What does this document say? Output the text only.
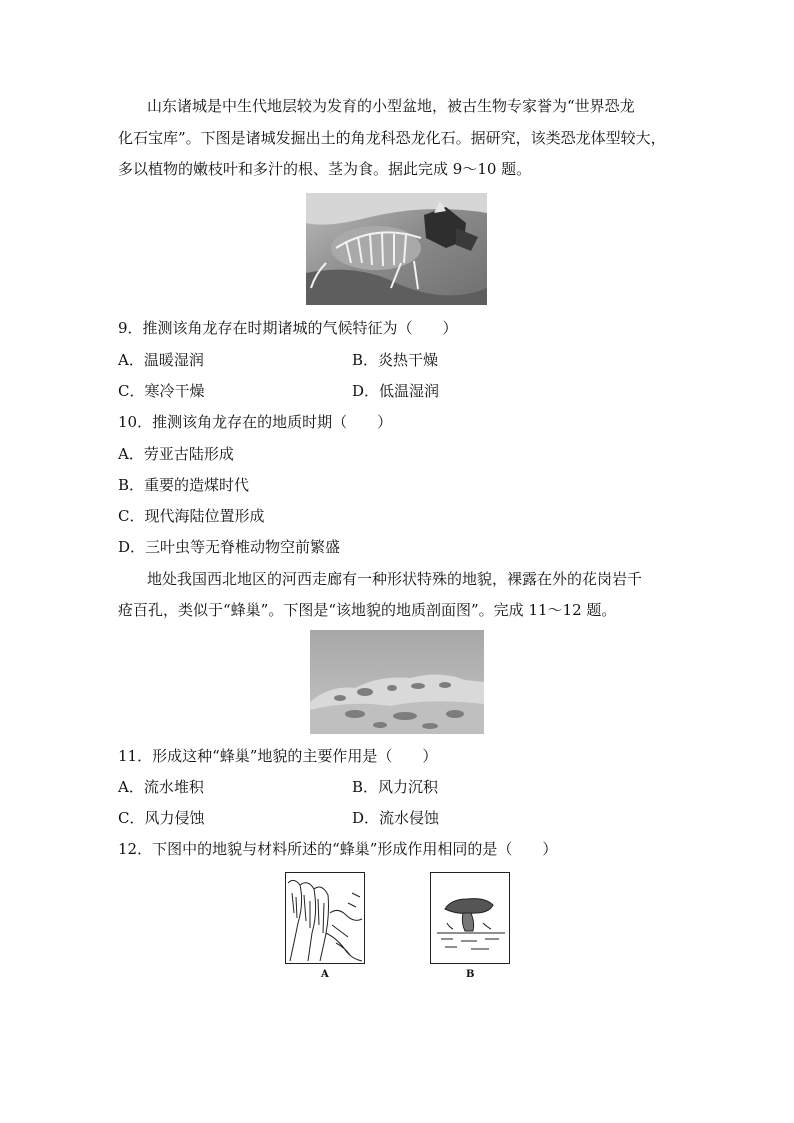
山东诸城是中生代地层较为发育的小型盆地，被古生物专家誉为“世界恐龙
化石宝库”。下图是诸城发掘出土的角龙科恐龙化石。据研究，该类恐龙体型较大，
多以植物的嫩枝叶和多汁的根、茎为食。据此完成 9～10 题。
9．推测该角龙存在时期诸城的气候特征为（　　）
A．温暖湿润	B．炎热干燥
C．寒冷干燥	D．低温湿润
10．推测该角龙存在的地质时期（　　）
A．劳亚古陆形成
B．重要的造煤时代
C．现代海陆位置形成
D．三叶虫等无脊椎动物空前繁盛
地处我国西北地区的河西走廊有一种形状特殊的地貌，裸露在外的花岗岩千
疮百孔，类似于“蜂巢”。下图是“该地貌的地质剖面图”。完成 11～12 题。
11．形成这种“蜂巢”地貌的主要作用是（　　）
A．流水堆积	B．风力沉积
C．风力侵蚀	D．流水侵蚀
12．下图中的地貌与材料所述的“蜂巢”形成作用相同的是（　　）
A	B
